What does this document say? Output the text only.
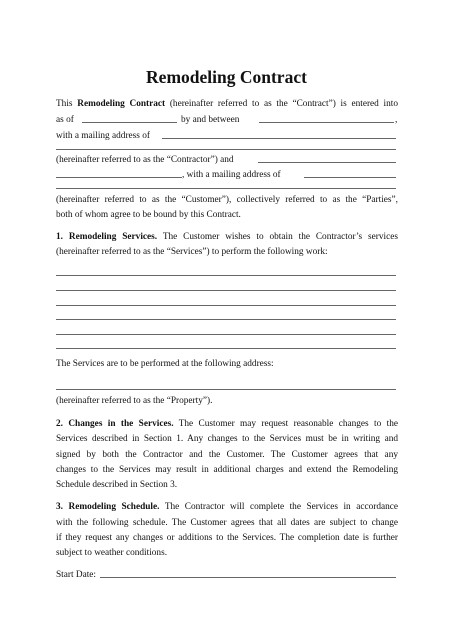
Remodeling Contract
This Remodeling Contract (hereinafter referred to as the “Contract”) is entered into
as of	by and between	,
with a mailing address of
(hereinafter referred to as the “Contractor”) and
, with a mailing address of
(hereinafter referred to as the “Customer”), collectively referred to as the “Parties”,
both of whom agree to be bound by this Contract.
1. Remodeling Services. The Customer wishes to obtain the Contractor’s services
(hereinafter referred to as the “Services”) to perform the following work:
The Services are to be performed at the following address:
(hereinafter referred to as the “Property”).
2. Changes in the Services. The Customer may request reasonable changes to the
Services described in Section 1. Any changes to the Services must be in writing and
signed by both the Contractor and the Customer. The Customer agrees that any
changes to the Services may result in additional charges and extend the Remodeling
Schedule described in Section 3.
3. Remodeling Schedule. The Contractor will complete the Services in accordance
with the following schedule. The Customer agrees that all dates are subject to change
if they request any changes or additions to the Services. The completion date is further
subject to weather conditions.
Start Date:
